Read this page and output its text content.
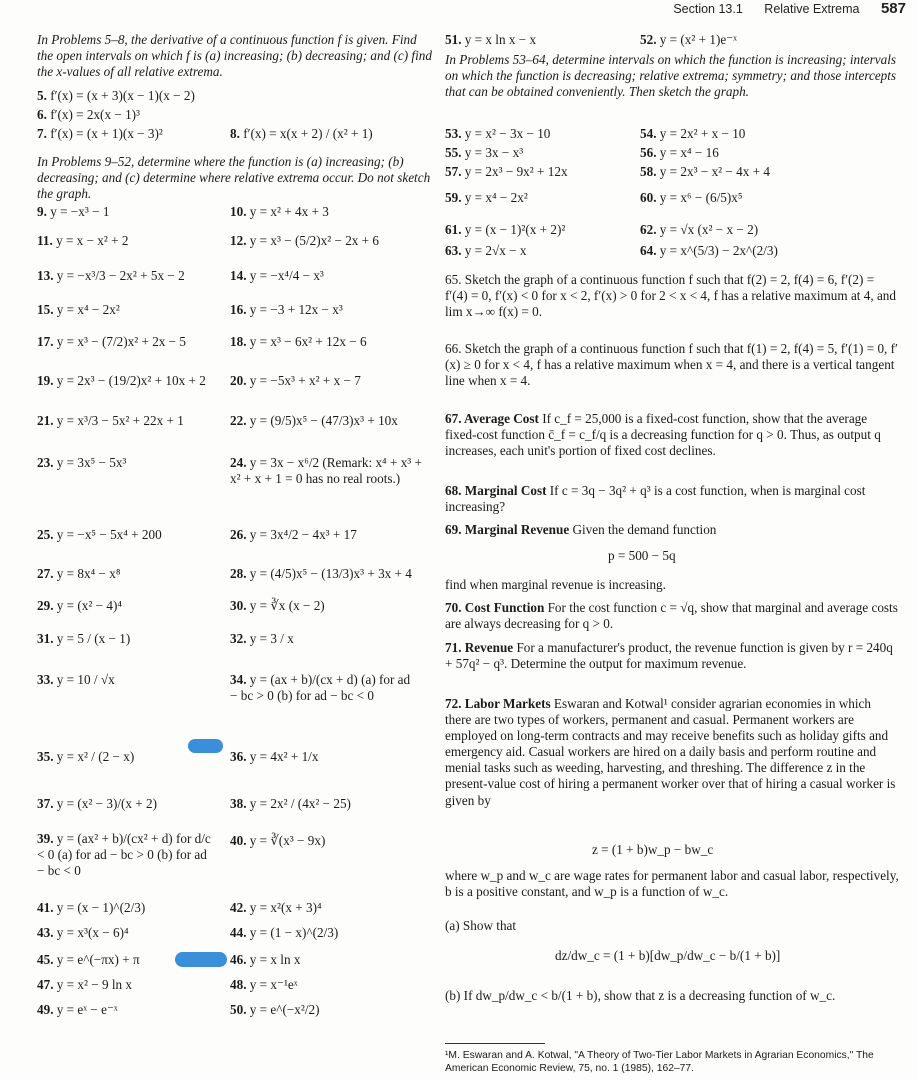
Section 13.1 Relative Extrema 587
In Problems 5–8, the derivative of a continuous function f is given. Find the open intervals on which f is (a) increasing; (b) decreasing; and (c) find the x-values of all relative extrema.
5. f′(x) = (x + 3)(x − 1)(x − 2)
6. f′(x) = 2x(x − 1)³
7. f′(x) = (x + 1)(x − 3)²	8. f′(x) = x(x + 2) / (x² + 1)
In Problems 9–52, determine where the function is (a) increasing; (b) decreasing; and (c) determine where relative extrema occur. Do not sketch the graph.
9. y = −x³ − 1	10. y = x² + 4x + 3
11. y = x − x² + 2	12. y = x³ − (5/2)x² − 2x + 6
13. y = −x³/3 − 2x² + 5x − 2	14. y = −x⁴/4 − x³
15. y = x⁴ − 2x²	16. y = −3 + 12x − x³
17. y = x³ − (7/2)x² + 2x − 5	18. y = x³ − 6x² + 12x − 6
19. y = 2x³ − (19/2)x² + 10x + 2 20. y = −5x³ + x² + x − 7
21. y = x³/3 − 5x² + 22x + 1	22. y = (9/5)x⁵ − (47/3)x³ + 10x
23. y = 3x⁵ − 5x³	24. y = 3x − x⁶/2 (Remark: x⁴ + x³ + x² + x + 1 = 0 has no real roots.)
25. y = −x⁵ − 5x⁴ + 200	26. y = 3x⁴/2 − 4x³ + 17
27. y = 8x⁴ − x⁸	28. y = (4/5)x⁵ − (13/3)x³ + 3x + 4
29. y = (x² − 4)⁴	30. y = ∛x (x − 2)
31. y = 5 / (x − 1)	32. y = 3 / x
33. y = 10 / √x	34. y = (ax + b)/(cx + d) (a) for ad − bc > 0 (b) for ad − bc < 0
35. y = x² / (2 − x)	36. y = 4x² + 1/x
37. y = (x² − 3)/(x + 2)	38. y = 2x² / (4x² − 25)
39. y = (ax² + b)/(cx² + d) for d/c < 0 (a) for ad − bc > 0 (b) for ad − bc < 0
40. y = ∛(x³ − 9x)
41. y = (x − 1)^(2/3)	42. y = x²(x + 3)⁴
43. y = x³(x − 6)⁴	44. y = (1 − x)^(2/3)
45. y = e^(−πx) + π	46. y = x ln x
47. y = x² − 9 ln x	48. y = x⁻¹eˣ
49. y = eˣ − e⁻ˣ	50. y = e^(−x²/2)
51. y = x ln x − x	52. y = (x² + 1)e⁻ˣ
In Problems 53–64, determine intervals on which the function is increasing; intervals on which the function is decreasing; relative extrema; symmetry; and those intercepts that can be obtained conveniently. Then sketch the graph.
53. y = x² − 3x − 10	54. y = 2x² + x − 10
55. y = 3x − x³	56. y = x⁴ − 16
57. y = 2x³ − 9x² + 12x	58. y = 2x³ − x² − 4x + 4
59. y = x⁴ − 2x²	60. y = x⁶ − (6/5)x⁵
61. y = (x − 1)²(x + 2)²	62. y = √x (x² − x − 2)
63. y = 2√x − x	64. y = x^(5/3) − 2x^(2/3)
65. Sketch the graph of a continuous function f such that f(2) = 2, f(4) = 6, f′(2) = f′(4) = 0, f′(x) < 0 for x < 2, f′(x) > 0 for 2 < x < 4, f has a relative maximum at 4, and lim x→∞ f(x) = 0.
66. Sketch the graph of a continuous function f such that f(1) = 2, f(4) = 5, f′(1) = 0, f′(x) ≥ 0 for x < 4, f has a relative maximum when x = 4, and there is a vertical tangent line when x = 4.
67. Average Cost If c_f = 25,000 is a fixed-cost function, show that the average fixed-cost function c̄_f = c_f/q is a decreasing function for q > 0. Thus, as output q increases, each unit's portion of fixed cost declines.
68. Marginal Cost If c = 3q − 3q² + q³ is a cost function, when is marginal cost increasing?
69. Marginal Revenue Given the demand function
p = 500 − 5q
find when marginal revenue is increasing.
70. Cost Function For the cost function c = √q, show that marginal and average costs are always decreasing for q > 0.
71. Revenue For a manufacturer's product, the revenue function is given by r = 240q + 57q² − q³. Determine the output for maximum revenue.
72. Labor Markets Eswaran and Kotwal¹ consider agrarian economies in which there are two types of workers, permanent and casual. Permanent workers are employed on long-term contracts and may receive benefits such as holiday gifts and emergency aid. Casual workers are hired on a daily basis and perform routine and menial tasks such as weeding, harvesting, and threshing. The difference z in the present-value cost of hiring a permanent worker over that of hiring a casual worker is given by
z = (1 + b)w_p − bw_c
where w_p and w_c are wage rates for permanent labor and casual labor, respectively, b is a positive constant, and w_p is a function of w_c.
(a) Show that
dz/dw_c = (1 + b)[dw_p/dw_c − b/(1 + b)]
(b) If dw_p/dw_c < b/(1 + b), show that z is a decreasing function of w_c.
¹M. Eswaran and A. Kotwal, "A Theory of Two-Tier Labor Markets in Agrarian Economics," The American Economic Review, 75, no. 1 (1985), 162–77.
